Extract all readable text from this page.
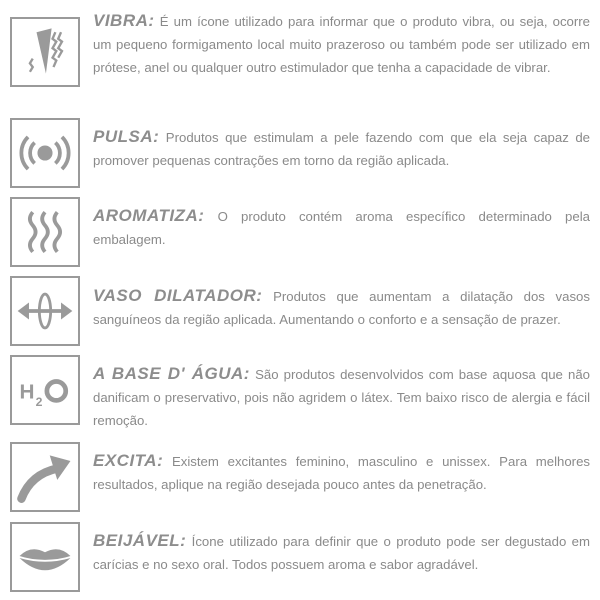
VIBRA: É um ícone utilizado para informar que o produto vibra, ou seja, ocorre um pequeno formigamento local muito prazeroso ou também pode ser utilizado em prótese, anel ou qualquer outro estimulador que tenha a capacidade de vibrar.
PULSA: Produtos que estimulam a pele fazendo com que ela seja capaz de promover pequenas contrações em torno da região aplicada.
AROMATIZA: O produto contém aroma específico determinado pela embalagem.
VASO DILATADOR: Produtos que aumentam a dilatação dos vasos sanguíneos da região aplicada. Aumentando o conforto e a sensação de prazer.
H 2
A BASE D' ÁGUA: São produtos desenvolvidos com base aquosa que não danificam o preservativo, pois não agridem o látex. Tem baixo risco de alergia e fácil remoção.
EXCITA: Existem excitantes feminino, masculino e unissex. Para melhores resultados, aplique na região desejada pouco antes da penetração.
BEIJÁVEL: Ícone utilizado para definir que o produto pode ser degustado em carícias e no sexo oral. Todos possuem aroma e sabor agradável.
